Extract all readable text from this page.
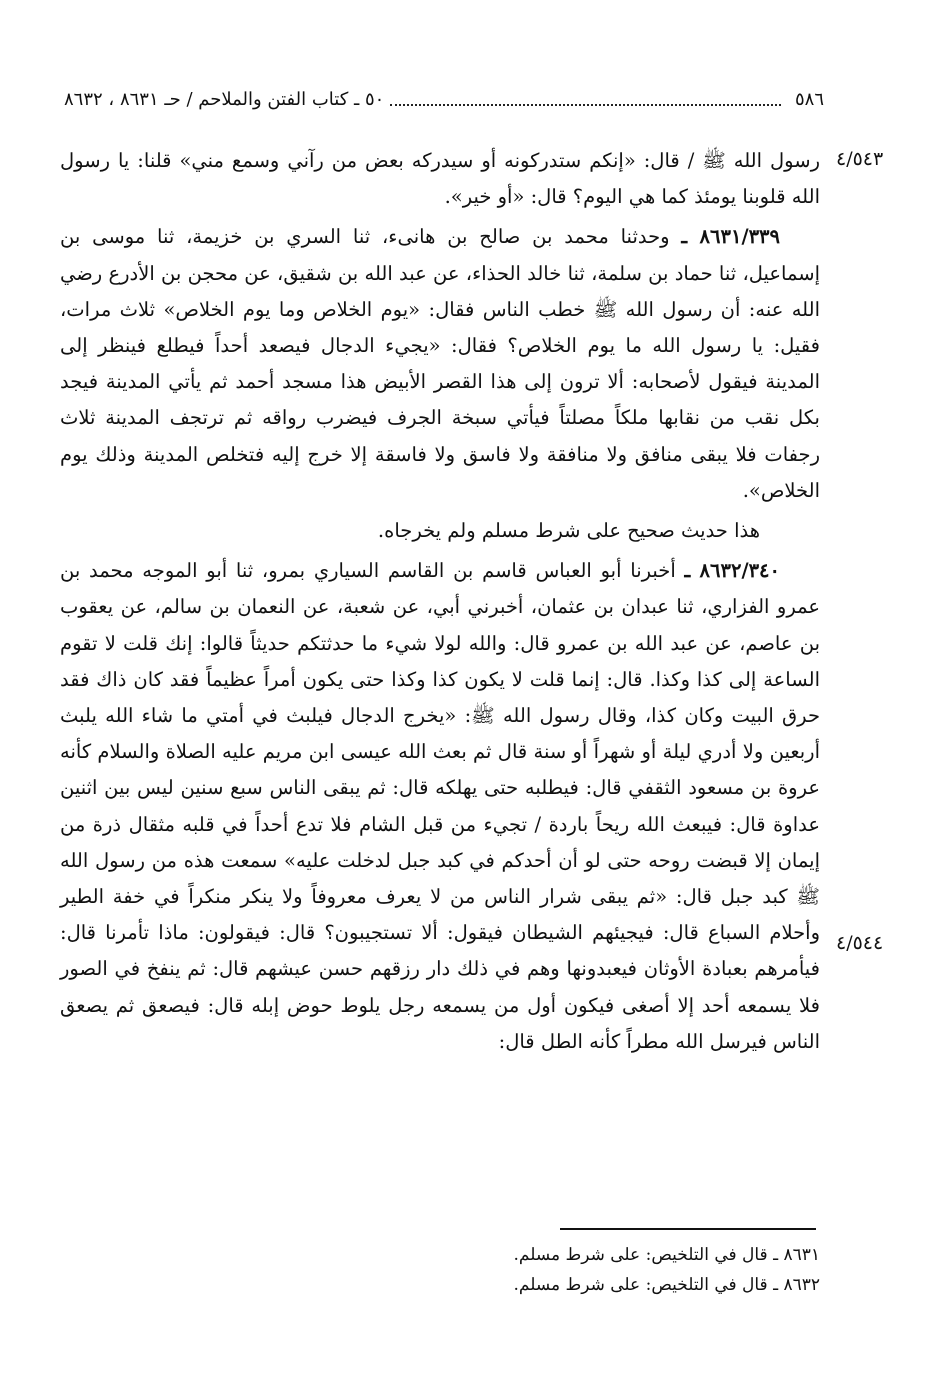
٥٨٦
٥٠ ـ كتاب الفتن والملاحم / حـ ٨٦٣١ ، ٨٦٣٢
٤/٥٤٣
٤/٥٤٤

رسول الله ﷺ / قال: «إنكم ستدركونه أو سيدركه بعض من رآني وسمع مني» قلنا: يا رسول الله قلوبنا يومئذ كما هي اليوم؟ قال: «أو خير».

٨٦٣١/٣٣٩ ـ وحدثنا محمد بن صالح بن هانىء، ثنا السري بن خزيمة، ثنا موسى بن إسماعيل، ثنا حماد بن سلمة، ثنا خالد الحذاء، عن عبد الله بن شقيق، عن محجن بن الأدرع رضي الله عنه: أن رسول الله ﷺ خطب الناس فقال: «يوم الخلاص وما يوم الخلاص» ثلاث مرات، فقيل: يا رسول الله ما يوم الخلاص؟ فقال: «يجيء الدجال فيصعد أحداً فيطلع فينظر إلى المدينة فيقول لأصحابه: ألا ترون إلى هذا القصر الأبيض هذا مسجد أحمد ثم يأتي المدينة فيجد بكل نقب من نقابها ملكاً مصلتاً فيأتي سبخة الجرف فيضرب رواقه ثم ترتجف المدينة ثلاث رجفات فلا يبقى منافق ولا منافقة ولا فاسق ولا فاسقة إلا خرج إليه فتخلص المدينة وذلك يوم الخلاص».

هذا حديث صحيح على شرط مسلم ولم يخرجاه.

٨٦٣٢/٣٤٠ ـ أخبرنا أبو العباس قاسم بن القاسم السياري بمرو، ثنا أبو الموجه محمد بن عمرو الفزاري، ثنا عبدان بن عثمان، أخبرني أبي، عن شعبة، عن النعمان بن سالم، عن يعقوب بن عاصم، عن عبد الله بن عمرو قال: والله لولا شيء ما حدثتكم حديثاً قالوا: إنك قلت لا تقوم الساعة إلى كذا وكذا. قال: إنما قلت لا يكون كذا وكذا حتى يكون أمراً عظيماً فقد كان ذاك فقد حرق البيت وكان كذا، وقال رسول الله ﷺ: «يخرج الدجال فيلبث في أمتي ما شاء الله يلبث أربعين ولا أدري ليلة أو شهراً أو سنة قال ثم بعث الله عيسى ابن مريم عليه الصلاة والسلام كأنه عروة بن مسعود الثقفي قال: فيطلبه حتى يهلكه قال: ثم يبقى الناس سبع سنين ليس بين اثنين عداوة قال: فيبعث الله ريحاً باردة / تجيء من قبل الشام فلا تدع أحداً في قلبه مثقال ذرة من إيمان إلا قبضت روحه حتى لو أن أحدكم في كبد جبل لدخلت عليه» سمعت هذه من رسول الله ﷺ كبد جبل قال: «ثم يبقى شرار الناس من لا يعرف معروفاً ولا ينكر منكراً في خفة الطير وأحلام السباع قال: فيجيئهم الشيطان فيقول: ألا تستجيبون؟ قال: فيقولون: ماذا تأمرنا قال: فيأمرهم بعبادة الأوثان فيعبدونها وهم في ذلك دار رزقهم حسن عيشهم قال: ثم ينفخ في الصور فلا يسمعه أحد إلا أصغى فيكون أول من يسمعه رجل يلوط حوض إبله قال: فيصعق ثم يصعق الناس فيرسل الله مطراً كأنه الطل قال:

٨٦٣١ ـ قال في التلخيص: على شرط مسلم.
٨٦٣٢ ـ قال في التلخيص: على شرط مسلم.
